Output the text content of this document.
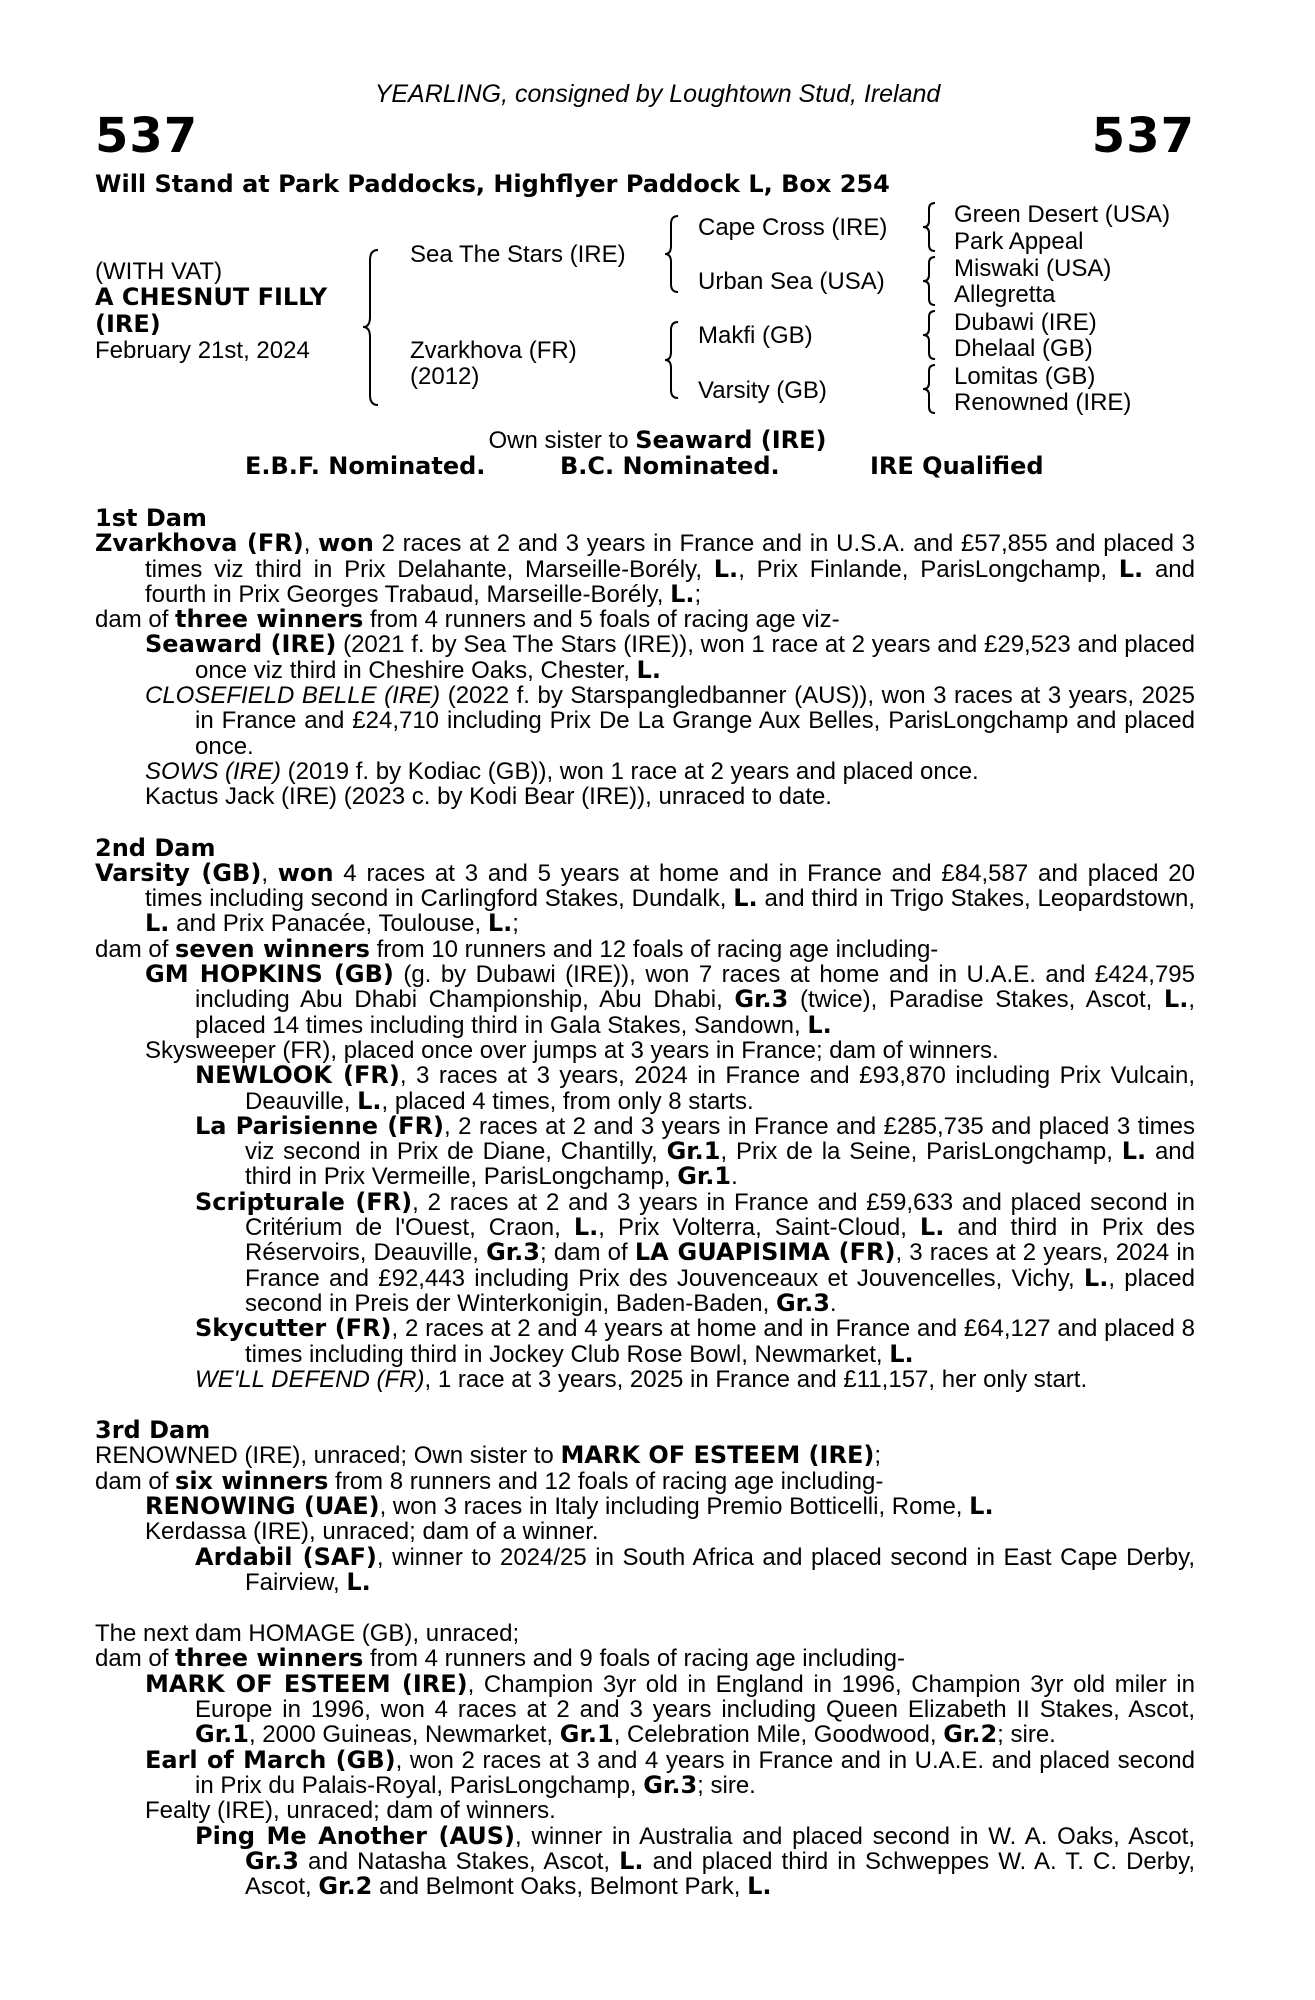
YEARLING, consigned by Loughtown Stud, Ireland
537	537
Will Stand at Park Paddocks, Highflyer Paddock L, Box 254
(WITH VAT)
A CHESNUT FILLY
(IRE)
February 21st, 2024
Sea The Stars (IRE)
Zvarkhova (FR)
(2012)
Cape Cross (IRE)
Urban Sea (USA)
Makfi (GB)
Varsity (GB)
Green Desert (USA)
Park Appeal
Miswaki (USA)
Allegretta
Dubawi (IRE)
Dhelaal (GB)
Lomitas (GB)
Renowned (IRE)
Own sister to Seaward (IRE)
E.B.F. Nominated.	B.C. Nominated.	IRE Qualified
1st Dam

Zvarkhova (FR), won 2 races at 2 and 3 years in France and in U.S.A. and £57,855 and placed 3 times viz third in Prix Delahante, Marseille-Borély, L., Prix Finlande, ParisLongchamp, L. and fourth in Prix Georges Trabaud, Marseille-Borély, L.;

dam of three winners from 4 runners and 5 foals of racing age viz-

Seaward (IRE) (2021 f. by Sea The Stars (IRE)), won 1 race at 2 years and £29,523 and placed once viz third in Cheshire Oaks, Chester, L.

CLOSEFIELD BELLE (IRE) (2022 f. by Starspangledbanner (AUS)), won 3 races at 3 years, 2025 in France and £24,710 including Prix De La Grange Aux Belles, ParisLongchamp and placed once.

SOWS (IRE) (2019 f. by Kodiac (GB)), won 1 race at 2 years and placed once.

Kactus Jack (IRE) (2023 c. by Kodi Bear (IRE)), unraced to date.

2nd Dam

Varsity (GB), won 4 races at 3 and 5 years at home and in France and £84,587 and placed 20 times including second in Carlingford Stakes, Dundalk, L. and third in Trigo Stakes, Leopardstown, L. and Prix Panacée, Toulouse, L.;

dam of seven winners from 10 runners and 12 foals of racing age including-

GM HOPKINS (GB) (g. by Dubawi (IRE)), won 7 races at home and in U.A.E. and £424,795 including Abu Dhabi Championship, Abu Dhabi, Gr.3 (twice), Paradise Stakes, Ascot, L., placed 14 times including third in Gala Stakes, Sandown, L.

Skysweeper (FR), placed once over jumps at 3 years in France; dam of winners.

NEWLOOK (FR), 3 races at 3 years, 2024 in France and £93,870 including Prix Vulcain, Deauville, L., placed 4 times, from only 8 starts.

La Parisienne (FR), 2 races at 2 and 3 years in France and £285,735 and placed 3 times viz second in Prix de Diane, Chantilly, Gr.1, Prix de la Seine, ParisLongchamp, L. and third in Prix Vermeille, ParisLongchamp, Gr.1.

Scripturale (FR), 2 races at 2 and 3 years in France and £59,633 and placed second in Critérium de l'Ouest, Craon, L., Prix Volterra, Saint-Cloud, L. and third in Prix des Réservoirs, Deauville, Gr.3; dam of LA GUAPISIMA (FR), 3 races at 2 years, 2024 in France and £92,443 including Prix des Jouvenceaux et Jouvencelles, Vichy, L., placed second in Preis der Winterkonigin, Baden-Baden, Gr.3.

Skycutter (FR), 2 races at 2 and 4 years at home and in France and £64,127 and placed 8 times including third in Jockey Club Rose Bowl, Newmarket, L.

WE'LL DEFEND (FR), 1 race at 3 years, 2025 in France and £11,157, her only start.

3rd Dam

RENOWNED (IRE), unraced; Own sister to MARK OF ESTEEM (IRE);

dam of six winners from 8 runners and 12 foals of racing age including-

RENOWING (UAE), won 3 races in Italy including Premio Botticelli, Rome, L.

Kerdassa (IRE), unraced; dam of a winner.

Ardabil (SAF), winner to 2024/25 in South Africa and placed second in East Cape Derby, Fairview, L.

The next dam HOMAGE (GB), unraced;

dam of three winners from 4 runners and 9 foals of racing age including-

MARK OF ESTEEM (IRE), Champion 3yr old in England in 1996, Champion 3yr old miler in Europe in 1996, won 4 races at 2 and 3 years including Queen Elizabeth II Stakes, Ascot, Gr.1, 2000 Guineas, Newmarket, Gr.1, Celebration Mile, Goodwood, Gr.2; sire.

Earl of March (GB), won 2 races at 3 and 4 years in France and in U.A.E. and placed second in Prix du Palais-Royal, ParisLongchamp, Gr.3; sire.

Fealty (IRE), unraced; dam of winners.

Ping Me Another (AUS), winner in Australia and placed second in W. A. Oaks, Ascot, Gr.3 and Natasha Stakes, Ascot, L. and placed third in Schweppes W. A. T. C. Derby, Ascot, Gr.2 and Belmont Oaks, Belmont Park, L.
